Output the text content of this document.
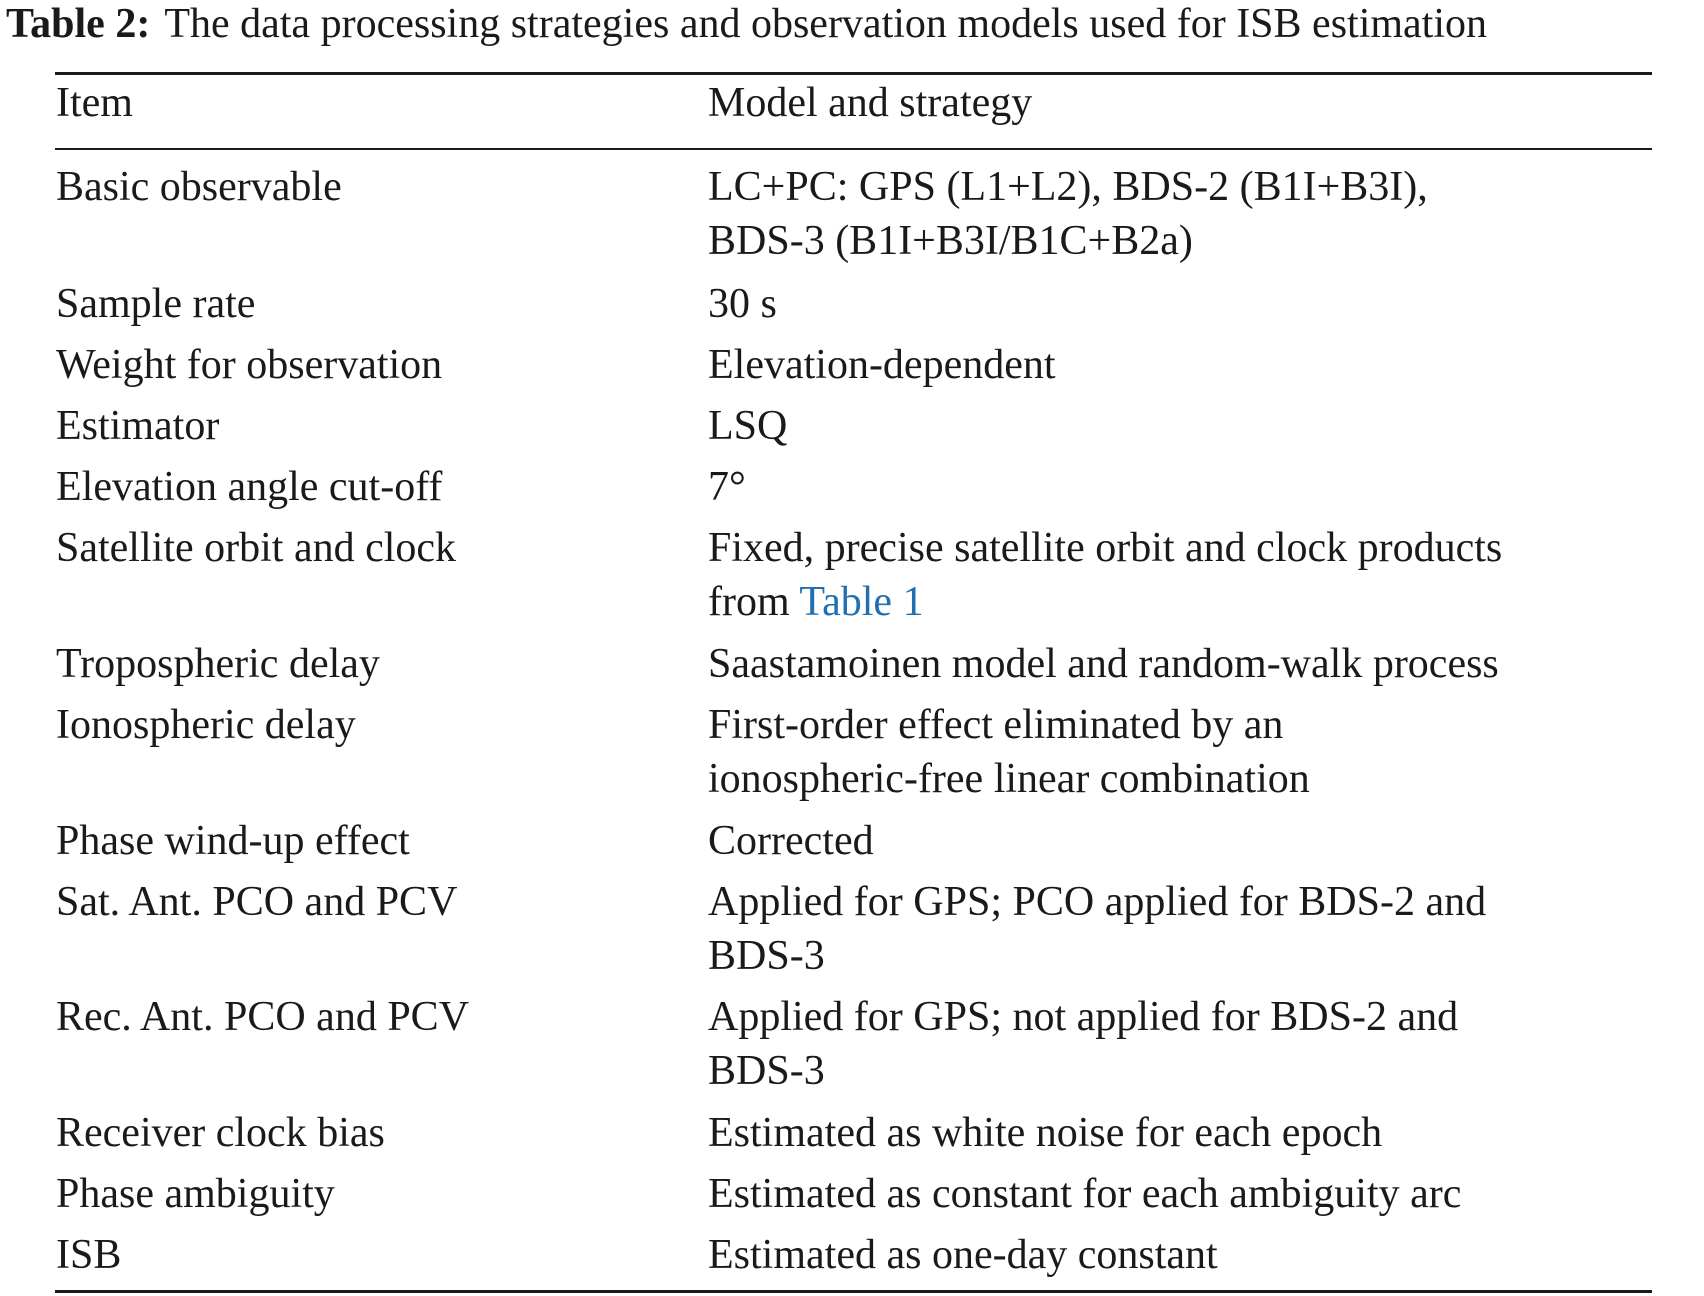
Table 2: The data processing strategies and observation models used for ISB estimation
Item	Model and strategy
Basic observable	LC+PC: GPS (L1+L2), BDS-2 (B1I+B3I),
BDS-3 (B1I+B3I/B1C+B2a)
Sample rate	30 s
Weight for observation	Elevation-dependent
Estimator	LSQ
Elevation angle cut-off	7°
Satellite orbit and clock	Fixed, precise satellite orbit and clock products
from Table 1
Tropospheric delay	Saastamoinen model and random-walk process
Ionospheric delay	First-order effect eliminated by an
ionospheric-free linear combination
Phase wind-up effect	Corrected
Sat. Ant. PCO and PCV	Applied for GPS; PCO applied for BDS-2 and
BDS-3
Rec. Ant. PCO and PCV	Applied for GPS; not applied for BDS-2 and
BDS-3
Receiver clock bias	Estimated as white noise for each epoch
Phase ambiguity	Estimated as constant for each ambiguity arc
ISB	Estimated as one-day constant
